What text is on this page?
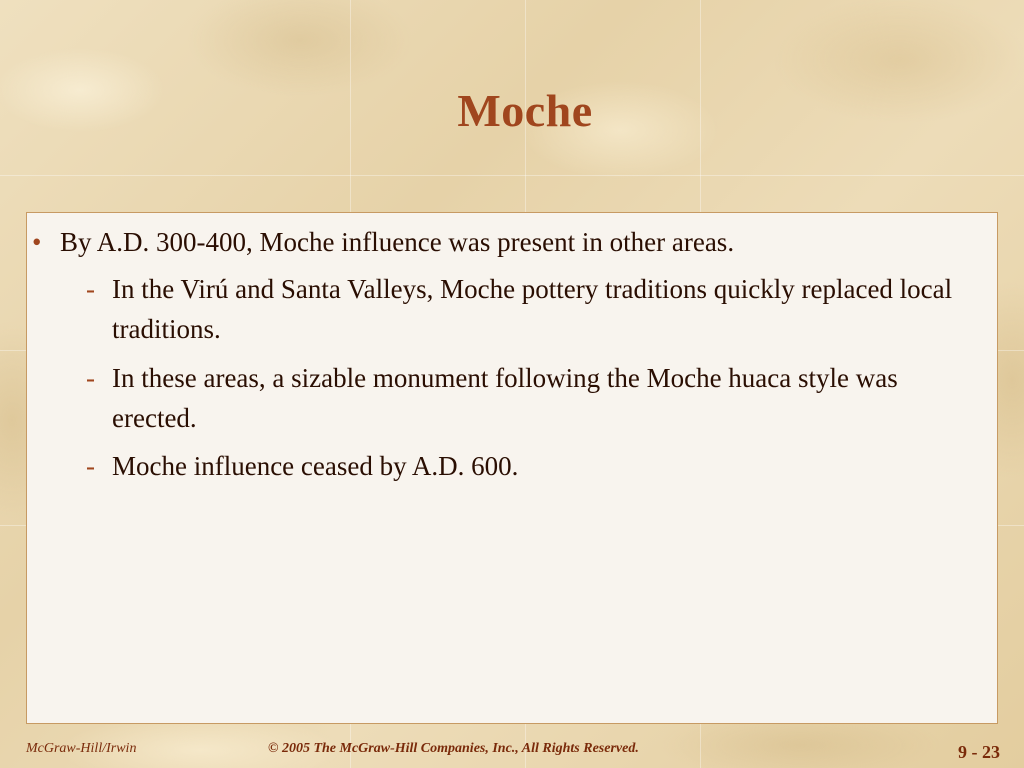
Moche
• By A.D. 300-400, Moche influence was present in other areas.
- In the Virú and Santa Valleys, Moche pottery traditions quickly replaced local traditions.
- In these areas, a sizable monument following the Moche huaca style was erected.
- Moche influence ceased by A.D. 600.
McGraw-Hill/Irwin	© 2005 The McGraw-Hill Companies, Inc., All Rights Reserved.	9 - 23
